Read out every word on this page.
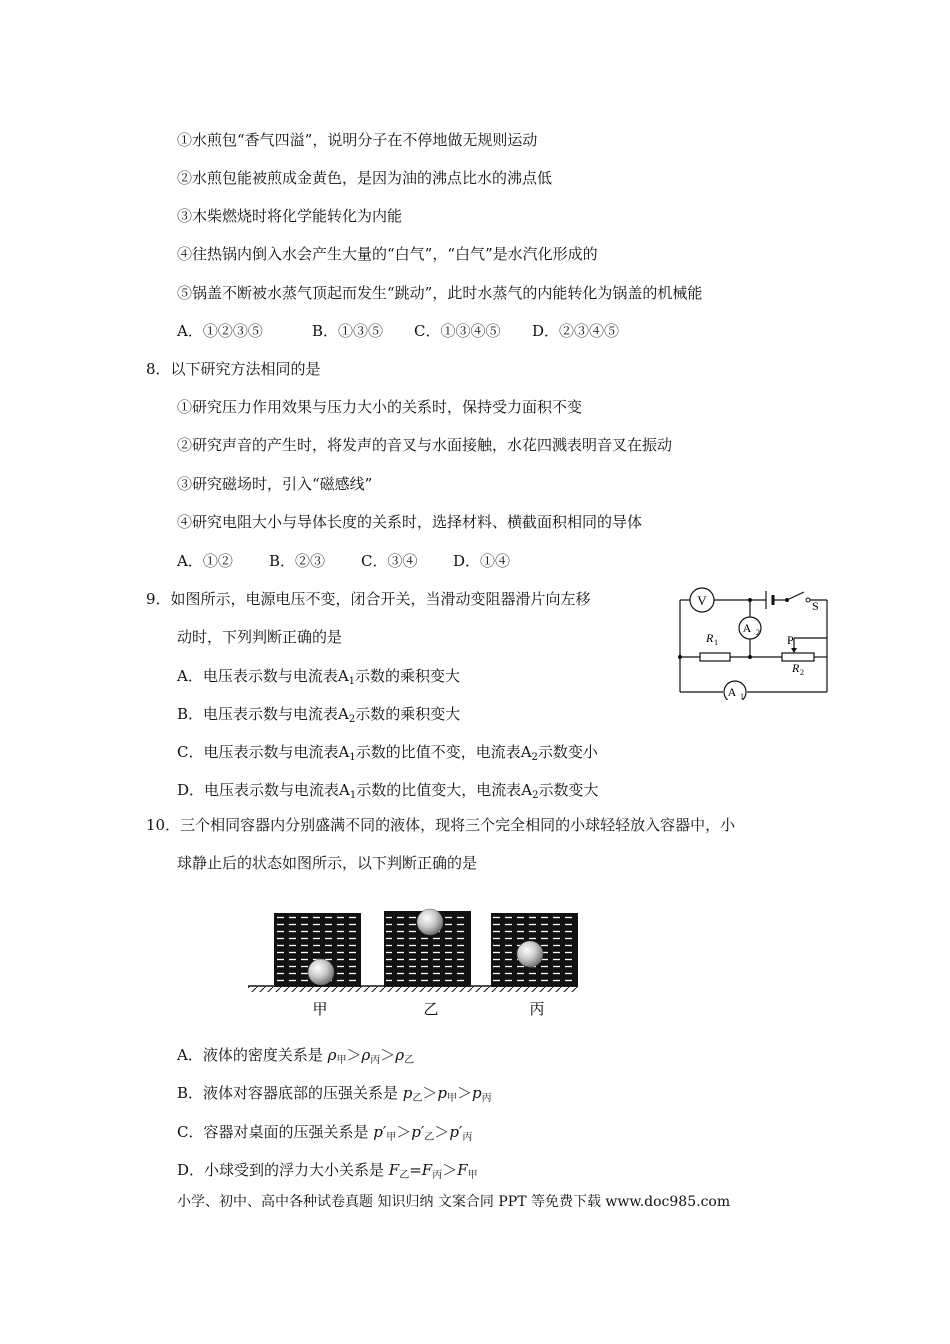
①水煎包“香气四溢”，说明分子在不停地做无规则运动
②水煎包能被煎成金黄色，是因为油的沸点比水的沸点低
③木柴燃烧时将化学能转化为内能
④往热锅内倒入水会产生大量的“白气”，“白气”是水汽化形成的
⑤锅盖不断被水蒸气顶起而发生“跳动”，此时水蒸气的内能转化为锅盖的机械能
A．①②③⑤	B．①③⑤ C．①③④⑤ D．②③④⑤
8．以下研究方法相同的是
①研究压力作用效果与压力大小的关系时，保持受力面积不变
②研究声音的产生时，将发声的音叉与水面接触，水花四溅表明音叉在振动
③研究磁场时，引入“磁感线”
④研究电阻大小与导体长度的关系时，选择材料、横截面积相同的导体
A．①② B．②③ C．③④ D．①④
9．如图所示，电源电压不变，闭合开关，当滑动变阻器滑片向左移
动时，下列判断正确的是
A．电压表示数与电流表$A_1$示数的乘积变大
B．电压表示数与电流表$A_2$示数的乘积变大
C．电压表示数与电流表$A_1$示数的比值不变，电流表$A_2$示数变小
D．电压表示数与电流表$A_1$示数的比值变大，电流表$A_2$示数变大
V	S
A 2
R 1	P
R 2
A 1
10．三个相同容器内分别盛满不同的液体，现将三个完全相同的小球轻轻放入容器中，小
球静止后的状态如图所示，以下判断正确的是
甲	乙	丙
A．液体的密度关系是 $\rho_甲>\rho_丙>\rho_乙$
B．液体对容器底部的压强关系是 $p_乙>p_甲>p_丙$
C．容器对桌面的压强关系是 $p'_甲>p'_乙>p'_丙$
D．小球受到的浮力大小关系是 $F_乙=F_丙>F_甲$
小学、初中、高中各种试卷真题 知识归纳 文案合同 PPT 等免费下载 www.doc985.com
